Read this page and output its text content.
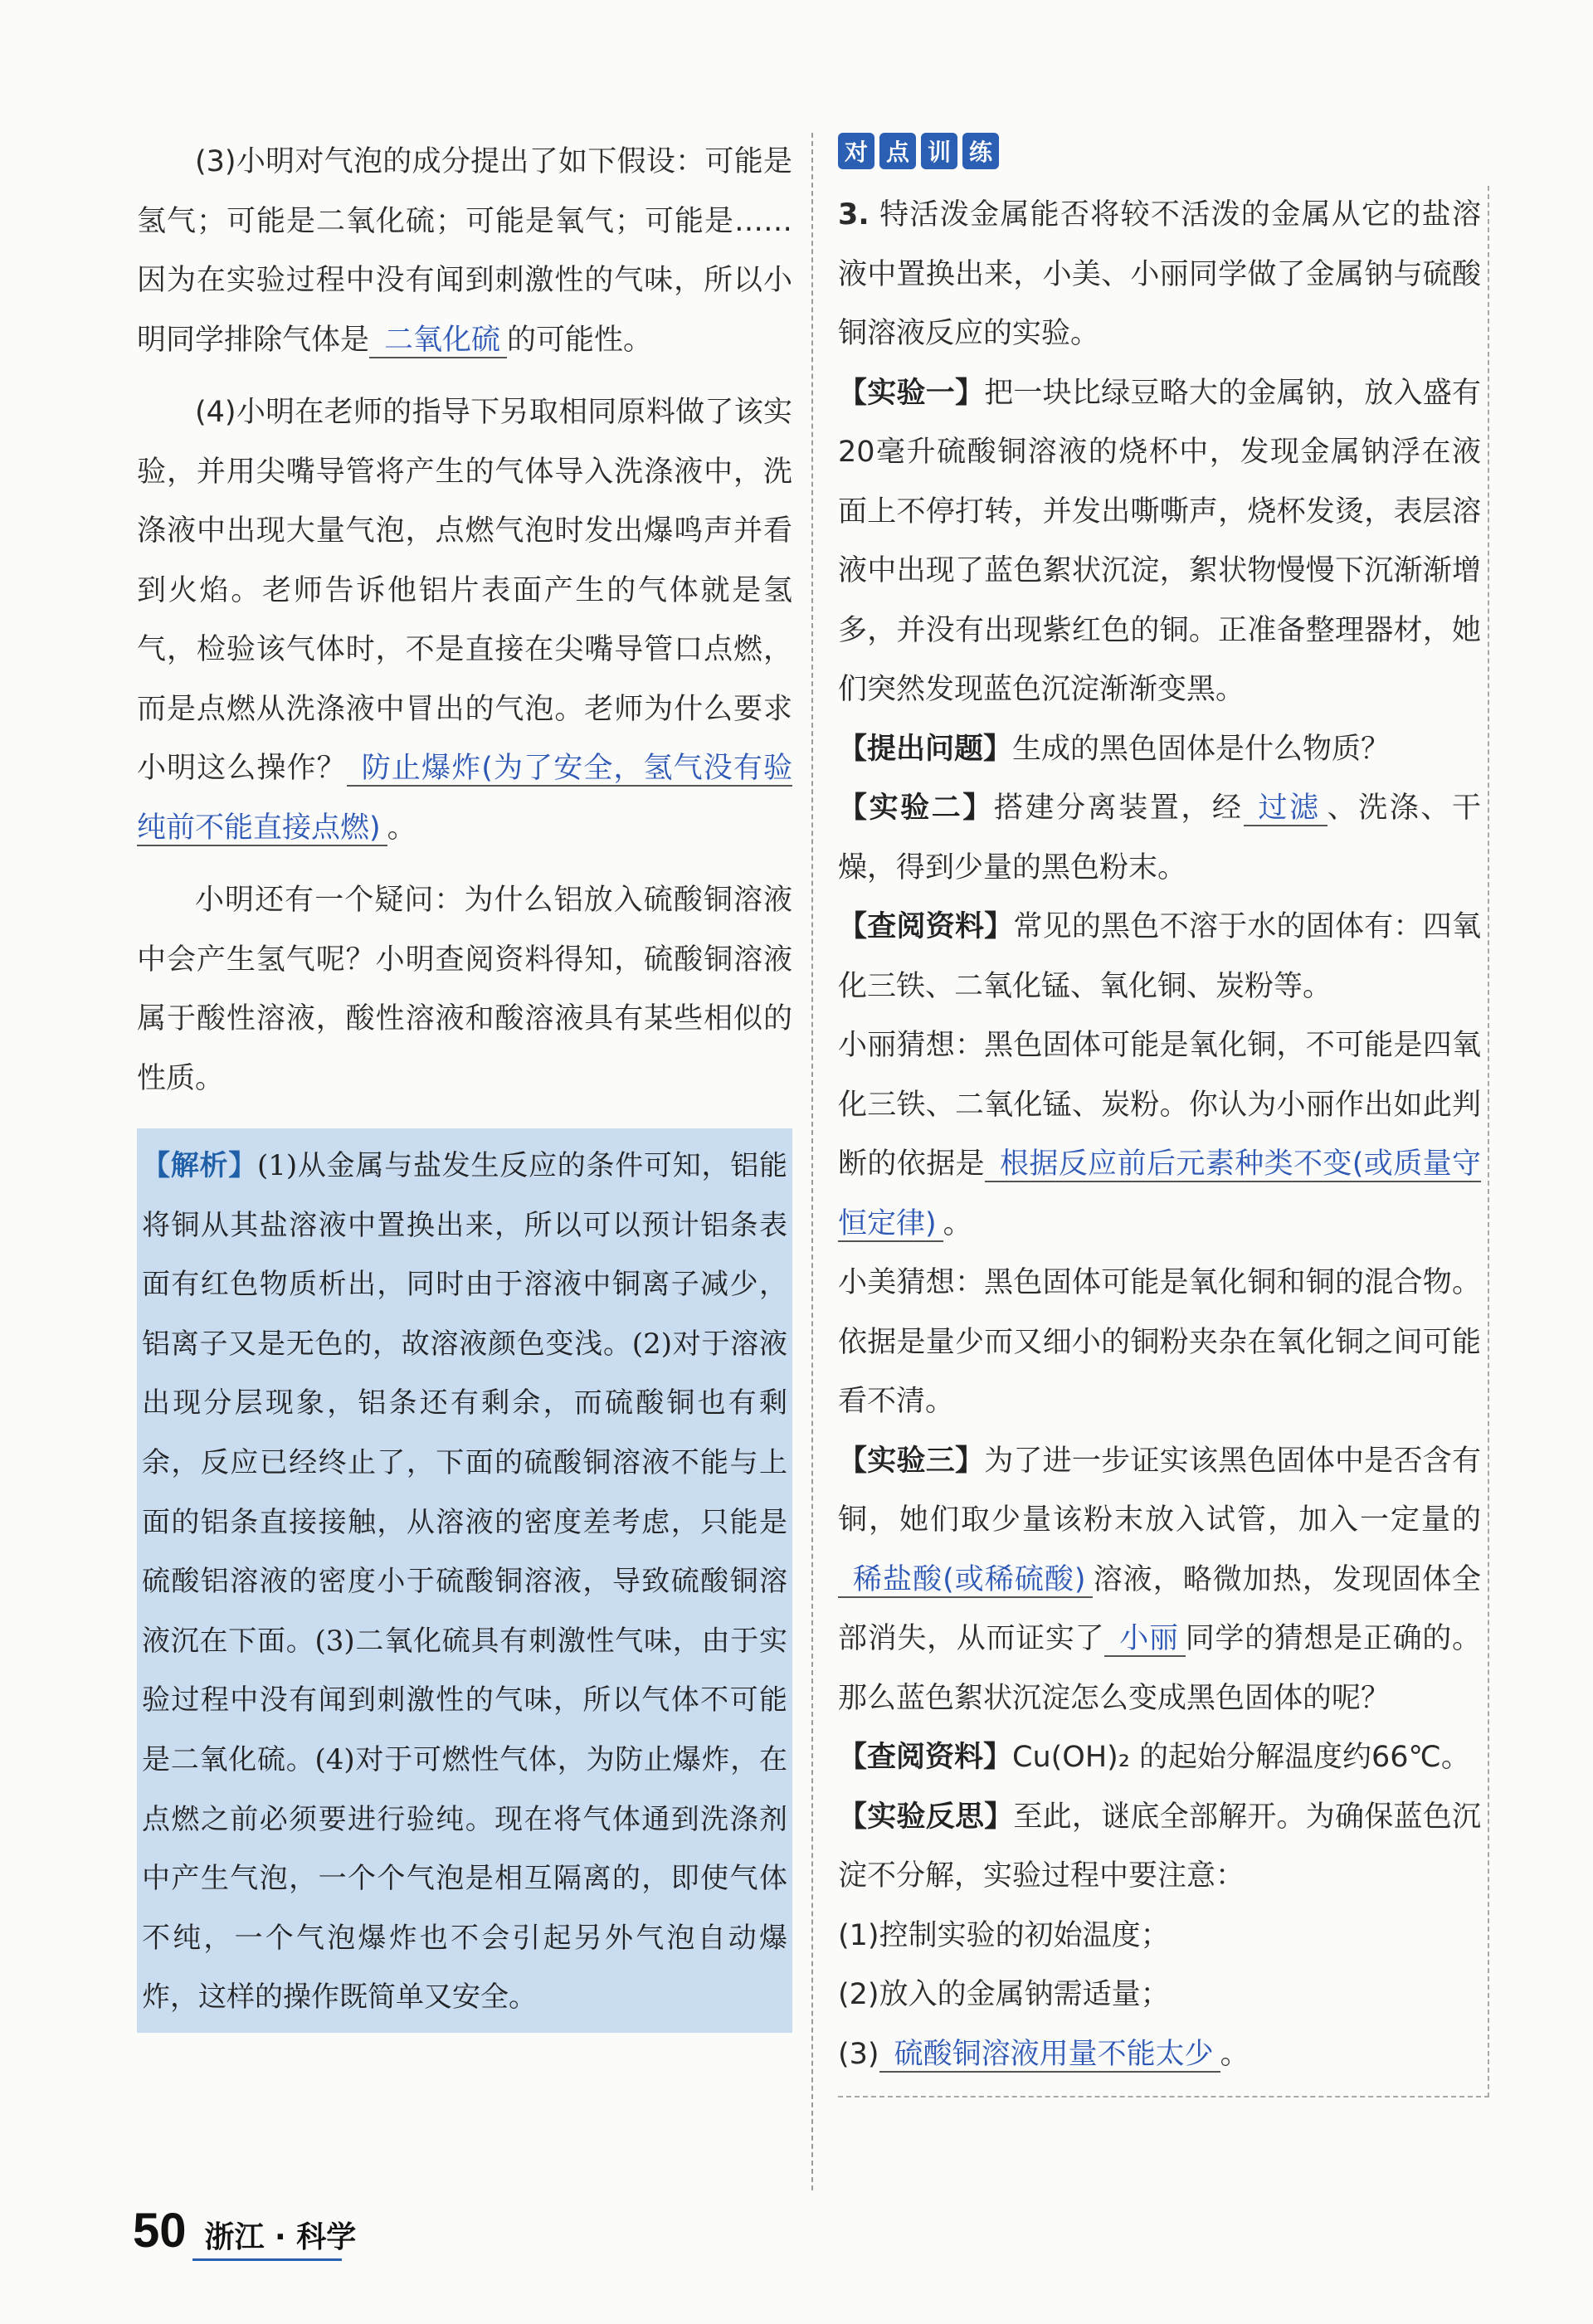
(3)小明对气泡的成分提出了如下假设：可能是氢气；可能是二氧化硫；可能是氧气；可能是……因为在实验过程中没有闻到刺激性的气味，所以小明同学排除气体是 二氧化硫 的可能性。

(4)小明在老师的指导下另取相同原料做了该实验，并用尖嘴导管将产生的气体导入洗涤液中，洗涤液中出现大量气泡，点燃气泡时发出爆鸣声并看到火焰。老师告诉他铝片表面产生的气体就是氢气，检验该气体时，不是直接在尖嘴导管口点燃，而是点燃从洗涤液中冒出的气泡。老师为什么要求小明这么操作？ 防止爆炸(为了安全，氢气没有验纯前不能直接点燃) 。

小明还有一个疑问：为什么铝放入硫酸铜溶液中会产生氢气呢？小明查阅资料得知，硫酸铜溶液属于酸性溶液，酸性溶液和酸溶液具有某些相似的性质。

【解析】(1)从金属与盐发生反应的条件可知，铝能将铜从其盐溶液中置换出来，所以可以预计铝条表面有红色物质析出，同时由于溶液中铜离子减少，铝离子又是无色的，故溶液颜色变浅。(2)对于溶液出现分层现象，铝条还有剩余，而硫酸铜也有剩余，反应已经终止了，下面的硫酸铜溶液不能与上面的铝条直接接触，从溶液的密度差考虑，只能是硫酸铝溶液的密度小于硫酸铜溶液，导致硫酸铜溶液沉在下面。(3)二氧化硫具有刺激性气味，由于实验过程中没有闻到刺激性的气味，所以气体不可能是二氧化硫。(4)对于可燃性气体，为防止爆炸，在点燃之前必须要进行验纯。现在将气体通到洗涤剂中产生气泡，一个个气泡是相互隔离的，即使气体不纯，一个气泡爆炸也不会引起另外气泡自动爆炸，这样的操作既简单又安全。
对 点 训 练

3. 特活泼金属能否将较不活泼的金属从它的盐溶液中置换出来，小美、小丽同学做了金属钠与硫酸铜溶液反应的实验。

【实验一】把一块比绿豆略大的金属钠，放入盛有20毫升硫酸铜溶液的烧杯中，发现金属钠浮在液面上不停打转，并发出嘶嘶声，烧杯发烫，表层溶液中出现了蓝色絮状沉淀，絮状物慢慢下沉渐渐增多，并没有出现紫红色的铜。正准备整理器材，她们突然发现蓝色沉淀渐渐变黑。

【提出问题】生成的黑色固体是什么物质？

【实验二】搭建分离装置，经 过滤 、洗涤、干燥，得到少量的黑色粉末。

【查阅资料】常见的黑色不溶于水的固体有：四氧化三铁、二氧化锰、氧化铜、炭粉等。

小丽猜想：黑色固体可能是氧化铜，不可能是四氧化三铁、二氧化锰、炭粉。你认为小丽作出如此判断的依据是 根据反应前后元素种类不变(或质量守恒定律) 。

小美猜想：黑色固体可能是氧化铜和铜的混合物。依据是量少而又细小的铜粉夹杂在氧化铜之间可能看不清。

【实验三】为了进一步证实该黑色固体中是否含有铜，她们取少量该粉末放入试管，加入一定量的稀盐酸(或稀硫酸) 溶液，略微加热，发现固体全部消失，从而证实了 小丽 同学的猜想是正确的。那么蓝色絮状沉淀怎么变成黑色固体的呢？

【查阅资料】Cu(OH)₂ 的起始分解温度约66℃。

【实验反思】至此，谜底全部解开。为确保蓝色沉淀不分解，实验过程中要注意：

(1)控制实验的初始温度；

(2)放入的金属钠需适量；

(3) 硫酸铜溶液用量不能太少 。

50 浙江 · 科学
